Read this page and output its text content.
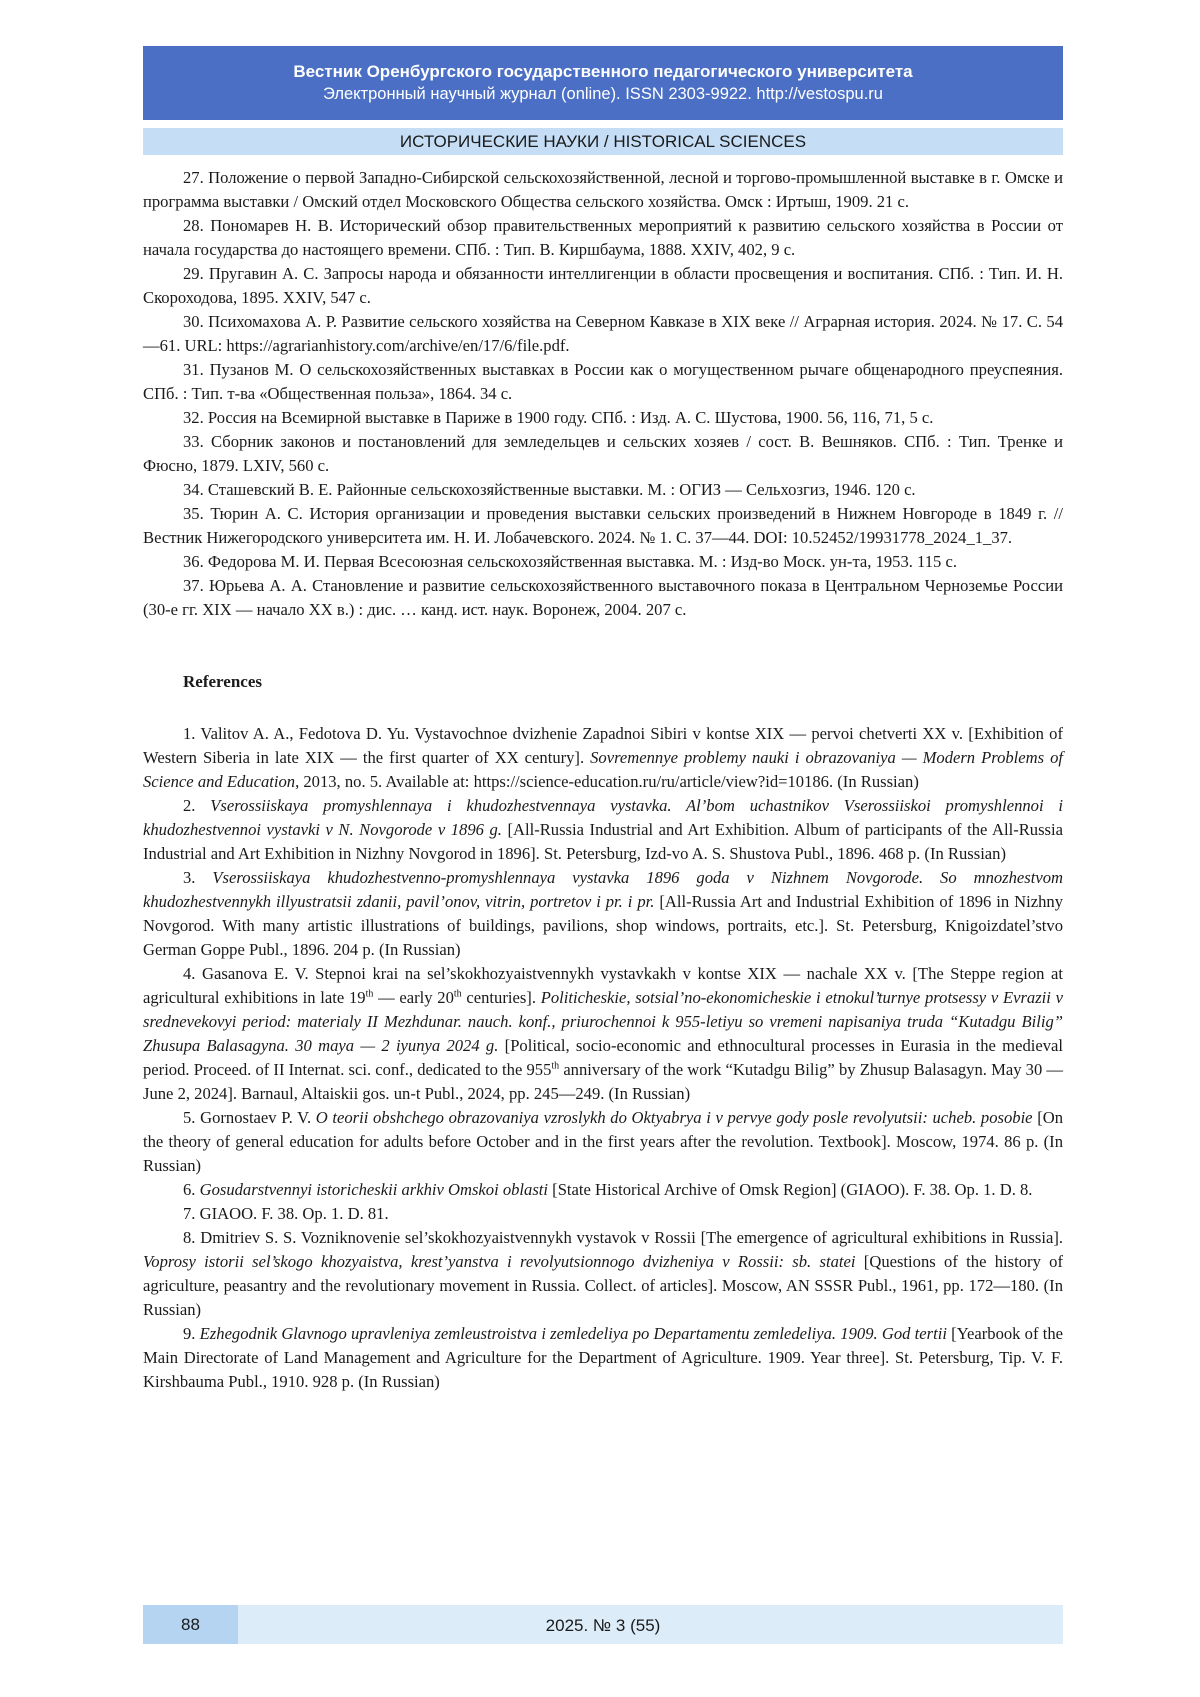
Вестник Оренбургского государственного педагогического университета
Электронный научный журнал (online). ISSN 2303-9922. http://vestospu.ru
ИСТОРИЧЕСКИЕ НАУКИ / HISTORICAL SCIENCES

27. Положение о первой Западно-Сибирской сельскохозяйственной, лесной и торгово-промышленной выставке в г. Омске и программа выставки / Омский отдел Московского Общества сельского хозяйства. Омск : Иртыш, 1909. 21 с.

28. Пономарев Н. В. Исторический обзор правительственных мероприятий к развитию сельского хозяйства в России от начала государства до настоящего времени. СПб. : Тип. В. Киршбаума, 1888. XXIV, 402, 9 с.

29. Пругавин А. С. Запросы народа и обязанности интеллигенции в области просвещения и воспитания. СПб. : Тип. И. Н. Скороходова, 1895. XXIV, 547 с.

30. Психомахова А. Р. Развитие сельского хозяйства на Северном Кавказе в XIX веке // Аграрная история. 2024. № 17. С. 54—61. URL: https://agrarianhistory.com/archive/en/17/6/file.pdf.

31. Пузанов М. О сельскохозяйственных выставках в России как о могущественном рычаге общенародного преуспеяния. СПб. : Тип. т-ва «Общественная польза», 1864. 34 с.

32. Россия на Всемирной выставке в Париже в 1900 году. СПб. : Изд. А. С. Шустова, 1900. 56, 116, 71, 5 с.

33. Сборник законов и постановлений для земледельцев и сельских хозяев / сост. В. Вешняков. СПб. : Тип. Тренке и Фюсно, 1879. LXIV, 560 с.

34. Сташевский В. Е. Районные сельскохозяйственные выставки. М. : ОГИЗ — Сельхозгиз, 1946. 120 с.

35. Тюрин А. С. История организации и проведения выставки сельских произведений в Нижнем Новгороде в 1849 г. // Вестник Нижегородского университета им. Н. И. Лобачевского. 2024. № 1. С. 37—44. DOI: 10.52452/19931778_2024_1_37.

36. Федорова М. И. Первая Всесоюзная сельскохозяйственная выставка. М. : Изд-во Моск. ун-та, 1953. 115 с.

37. Юрьева А. А. Становление и развитие сельскохозяйственного выставочного показа в Центральном Черноземье России (30-е гг. XIX — начало XX в.) : дис. … канд. ист. наук. Воронеж, 2004. 207 с.

References

1. Valitov A. A., Fedotova D. Yu. Vystavochnoe dvizhenie Zapadnoi Sibiri v kontse XIX — pervoi chetverti XX v. [Exhibition of Western Siberia in late XIX — the first quarter of XX century]. Sovremennye problemy nauki i obrazovaniya — Modern Problems of Science and Education, 2013, no. 5. Available at: https://science-education.ru/ru/article/view?id=10186. (In Russian)

2. Vserossiiskaya promyshlennaya i khudozhestvennaya vystavka. Al’bom uchastnikov Vserossiiskoi promyshlennoi i khudozhestvennoi vystavki v N. Novgorode v 1896 g. [All-Russia Industrial and Art Exhibition. Album of participants of the All-Russia Industrial and Art Exhibition in Nizhny Novgorod in 1896]. St. Petersburg, Izd-vo A. S. Shustova Publ., 1896. 468 p. (In Russian)

3. Vserossiiskaya khudozhestvenno-promyshlennaya vystavka 1896 goda v Nizhnem Novgorode. So mnozhestvom khudozhestvennykh illyustratsii zdanii, pavil’onov, vitrin, portretov i pr. i pr. [All-Russia Art and Industrial Exhibition of 1896 in Nizhny Novgorod. With many artistic illustrations of buildings, pavilions, shop windows, portraits, etc.]. St. Petersburg, Knigoizdatel’stvo German Goppe Publ., 1896. 204 p. (In Russian)

4. Gasanova E. V. Stepnoi krai na sel’skokhozyaistvennykh vystavkakh v kontse XIX — nachale XX v. [The Steppe region at agricultural exhibitions in late 19th — early 20th centuries]. Politicheskie, sotsial’no-ekonomicheskie i etnokul’turnye protsessy v Evrazii v srednevekovyi period: materialy II Mezhdunar. nauch. konf., priurochennoi k 955-letiyu so vremeni napisaniya truda “Kutadgu Bilig” Zhusupa Balasagyna. 30 maya — 2 iyunya 2024 g. [Political, socio-economic and ethnocultural processes in Eurasia in the medieval period. Proceed. of II Internat. sci. conf., dedicated to the 955th anniversary of the work “Kutadgu Bilig” by Zhusup Balasagyn. May 30 — June 2, 2024]. Barnaul, Altaiskii gos. un-t Publ., 2024, pp. 245—249. (In Russian)

5. Gornostaev P. V. O teorii obshchego obrazovaniya vzroslykh do Oktyabrya i v pervye gody posle revolyutsii: ucheb. posobie [On the theory of general education for adults before October and in the first years after the revolution. Textbook]. Moscow, 1974. 86 p. (In Russian)

6. Gosudarstvennyi istoricheskii arkhiv Omskoi oblasti [State Historical Archive of Omsk Region] (GIAOO). F. 38. Op. 1. D. 8.

7. GIAOO. F. 38. Op. 1. D. 81.

8. Dmitriev S. S. Vozniknovenie sel’skokhozyaistvennykh vystavok v Rossii [The emergence of agricultural exhibitions in Russia]. Voprosy istorii sel’skogo khozyaistva, krest’yanstva i revolyutsionnogo dvizheniya v Rossii: sb. statei [Questions of the history of agriculture, peasantry and the revolutionary movement in Russia. Collect. of articles]. Moscow, AN SSSR Publ., 1961, pp. 172—180. (In Russian)

9. Ezhegodnik Glavnogo upravleniya zemleustroistva i zemledeliya po Departamentu zemledeliya. 1909. God tertii [Yearbook of the Main Directorate of Land Management and Agriculture for the Department of Agriculture. 1909. Year three]. St. Petersburg, Tip. V. F. Kirshbauma Publ., 1910. 928 p. (In Russian)

2025. № 3 (55)
88
